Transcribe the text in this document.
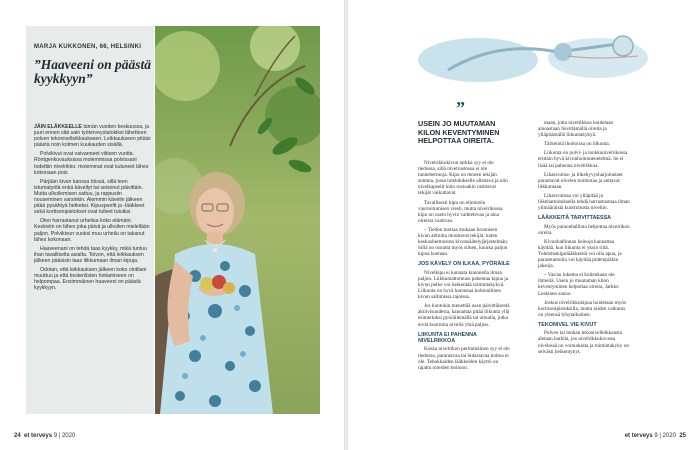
MARJA KUKKONEN, 66, HELSINKI
”Haaveeni on päästä kyykkyyn”

JÄIN ELÄKKEELLE tämän vuoden keskuussa, ja juuri ennen sitä sain työterveystalokiksi lähetteen polven tekonivelleikkaukseen. Leikkaukseen pitäisi päästä noin kolmen kuukauden sisällä.

Polvikivut ovat vaivanneet viitisen vuotta. Röntgenkuvauksissa molemmissa polvissani todettiin nivelrikko: molemmat ovat kuluneet lähes kokonaan pois.

Pärjään kivun kanssa töissä, sillä teen istumatyötä enkä kävellyt tai seisonut päivittäin. Mutta ulkoilemisen sattuu, ja rappusiin nouseminen varsinkin. Aiemmin kävelin jälkeen pitää pysähtyä hetkeksi. Kipuspeeltt ja -lääkkeet sekä kortisonipistokset ovat tulleet tutuiksi.

Olen harrastanut urheilua koko elämäni. Keskiviin on lähes joka päivä ja ulkoilen mielellään paljon. Polvikivun vuoksi muu urheilu on takanut lähes kokonaan.

Haaveenani on tehdä taas kyykky, mikä tuntuu ihan tavalliselta asialta. Toivon, että leikkauksen jälkeen pääsisin taas liikkumaan ilman kipuja.

Odotan, että leikkauksen jälkeen koko olotilani muuttuu ja että kestenlisten hoitamiseen on helpompaa. Ensimmäinen haaveeni on päästä kyykkyyn.

24 et terveys 9 | 2020
”
USEIN JO MUUTAMAN KILON KEVENTYMINEN HELPOTTAA OIREITA.

Nivelrikkokivun tarkka syy ei ole tiedossa, sillä nivelrustossa ei ole tunnehermoja. Kipu on monen tekijän summa, jossa tulehdukselle altistava ja niin nivelkapselit kuin rustoakin rasittavat tekijät vaikuttavat.

Tavallisesti kipu on elimistön vaurioitumisen viesti, mutta nivelrikossa kipu on usein hyvin vaihtelevaa ja aina oireista vaativaa.

– Tiedon tuottaa mukaan kroonisen kivun alttiutta muuttavat tekijät, kuten keskushermoston kivunsäätelyjärjestelmän. Sillä on osuutta myös siihen, kuinka paljon kipua koetaan.

JOS KÄVELY ON ILKAA, PYÖRÄILE

Nivelkipu ei kannata kuunnella ilman paljon. Liikkumattomuus pahentaa kipua ja kivun pelko voi heikentää toimintakykyä. Liikunta on hyvä harrastaa kohtuullinen kivun sallimissa rajoissa.

Jos kuntokin menettää osan päivittäisestä aktiivisuudesta, kannattaa pitää liikunta yllä esimerkiksi pyöräilemällä tai uimalla, jotka eivät kuormita niveliä yhtä paljon.

LIIKUNTA EI PAHENNA NIVELRIKKOA

Koska nivelrikon perimmäinen syy ei ole tiedossa, parantavaa tai hidastavaa hoitoa ei ole. Tehokkaiden lääkkeiden käyttö on rajattu oireiden hoitoon.

maan, jotta niveltikkoa hoidetaan ainoastaan lievittämällä oireita ja ylläpitämällä liikuntakykyä.

Tärkeintä ihoitoissa on liikunta.

Liikunta on polvi- ja lonkkanivelrikossa erittäin hyvä kivunhoitomenetelmä. Se ei lisää tai pahenna nivelrikkoa.

Lihasvoima- ja liikehyvysharjoitukset parantavat nivelen toimintaa ja auttavat liikkumaan.

Lihasvoimaa voi ylläpitää ja liikehartoituksella tehdä harrastusmaa ilman ylimääräistä kuormitusta niveliin.

LÄÄKKEITÄ TARVITTAESSA

Myös painonhallinta helpottaa nivelrikon oireita.

Kivunhallinnan keinoja kannattaa käyttää, kun liikunta ei yksin riitä. Tulehduskipulääkkeistä voi olla apua, ja parasetamolia voi käyttää pidempiäkin jaksoja.

– Vaa'an lukema ei kuitenkaan ole ihmeitä. Usein jo muutaman kilon keventyminen helpottaa oireita, Jarkko Leskinen sanoo.

Joskus nivelrikkokipua hoidetaan myös kortisonipistoksilla, mutta niiden vaikutus on yleensä lyhytaikainen.

TEKONIVEL VIE KIVUT

Polven tai lonkan tekonivelleikkausta aletaan harkita, jos nivelrikkokivussa nivelessä on voimakasta ja toimintakyky on selvästi heikentynyt.

et terveys 9 | 2020 25
